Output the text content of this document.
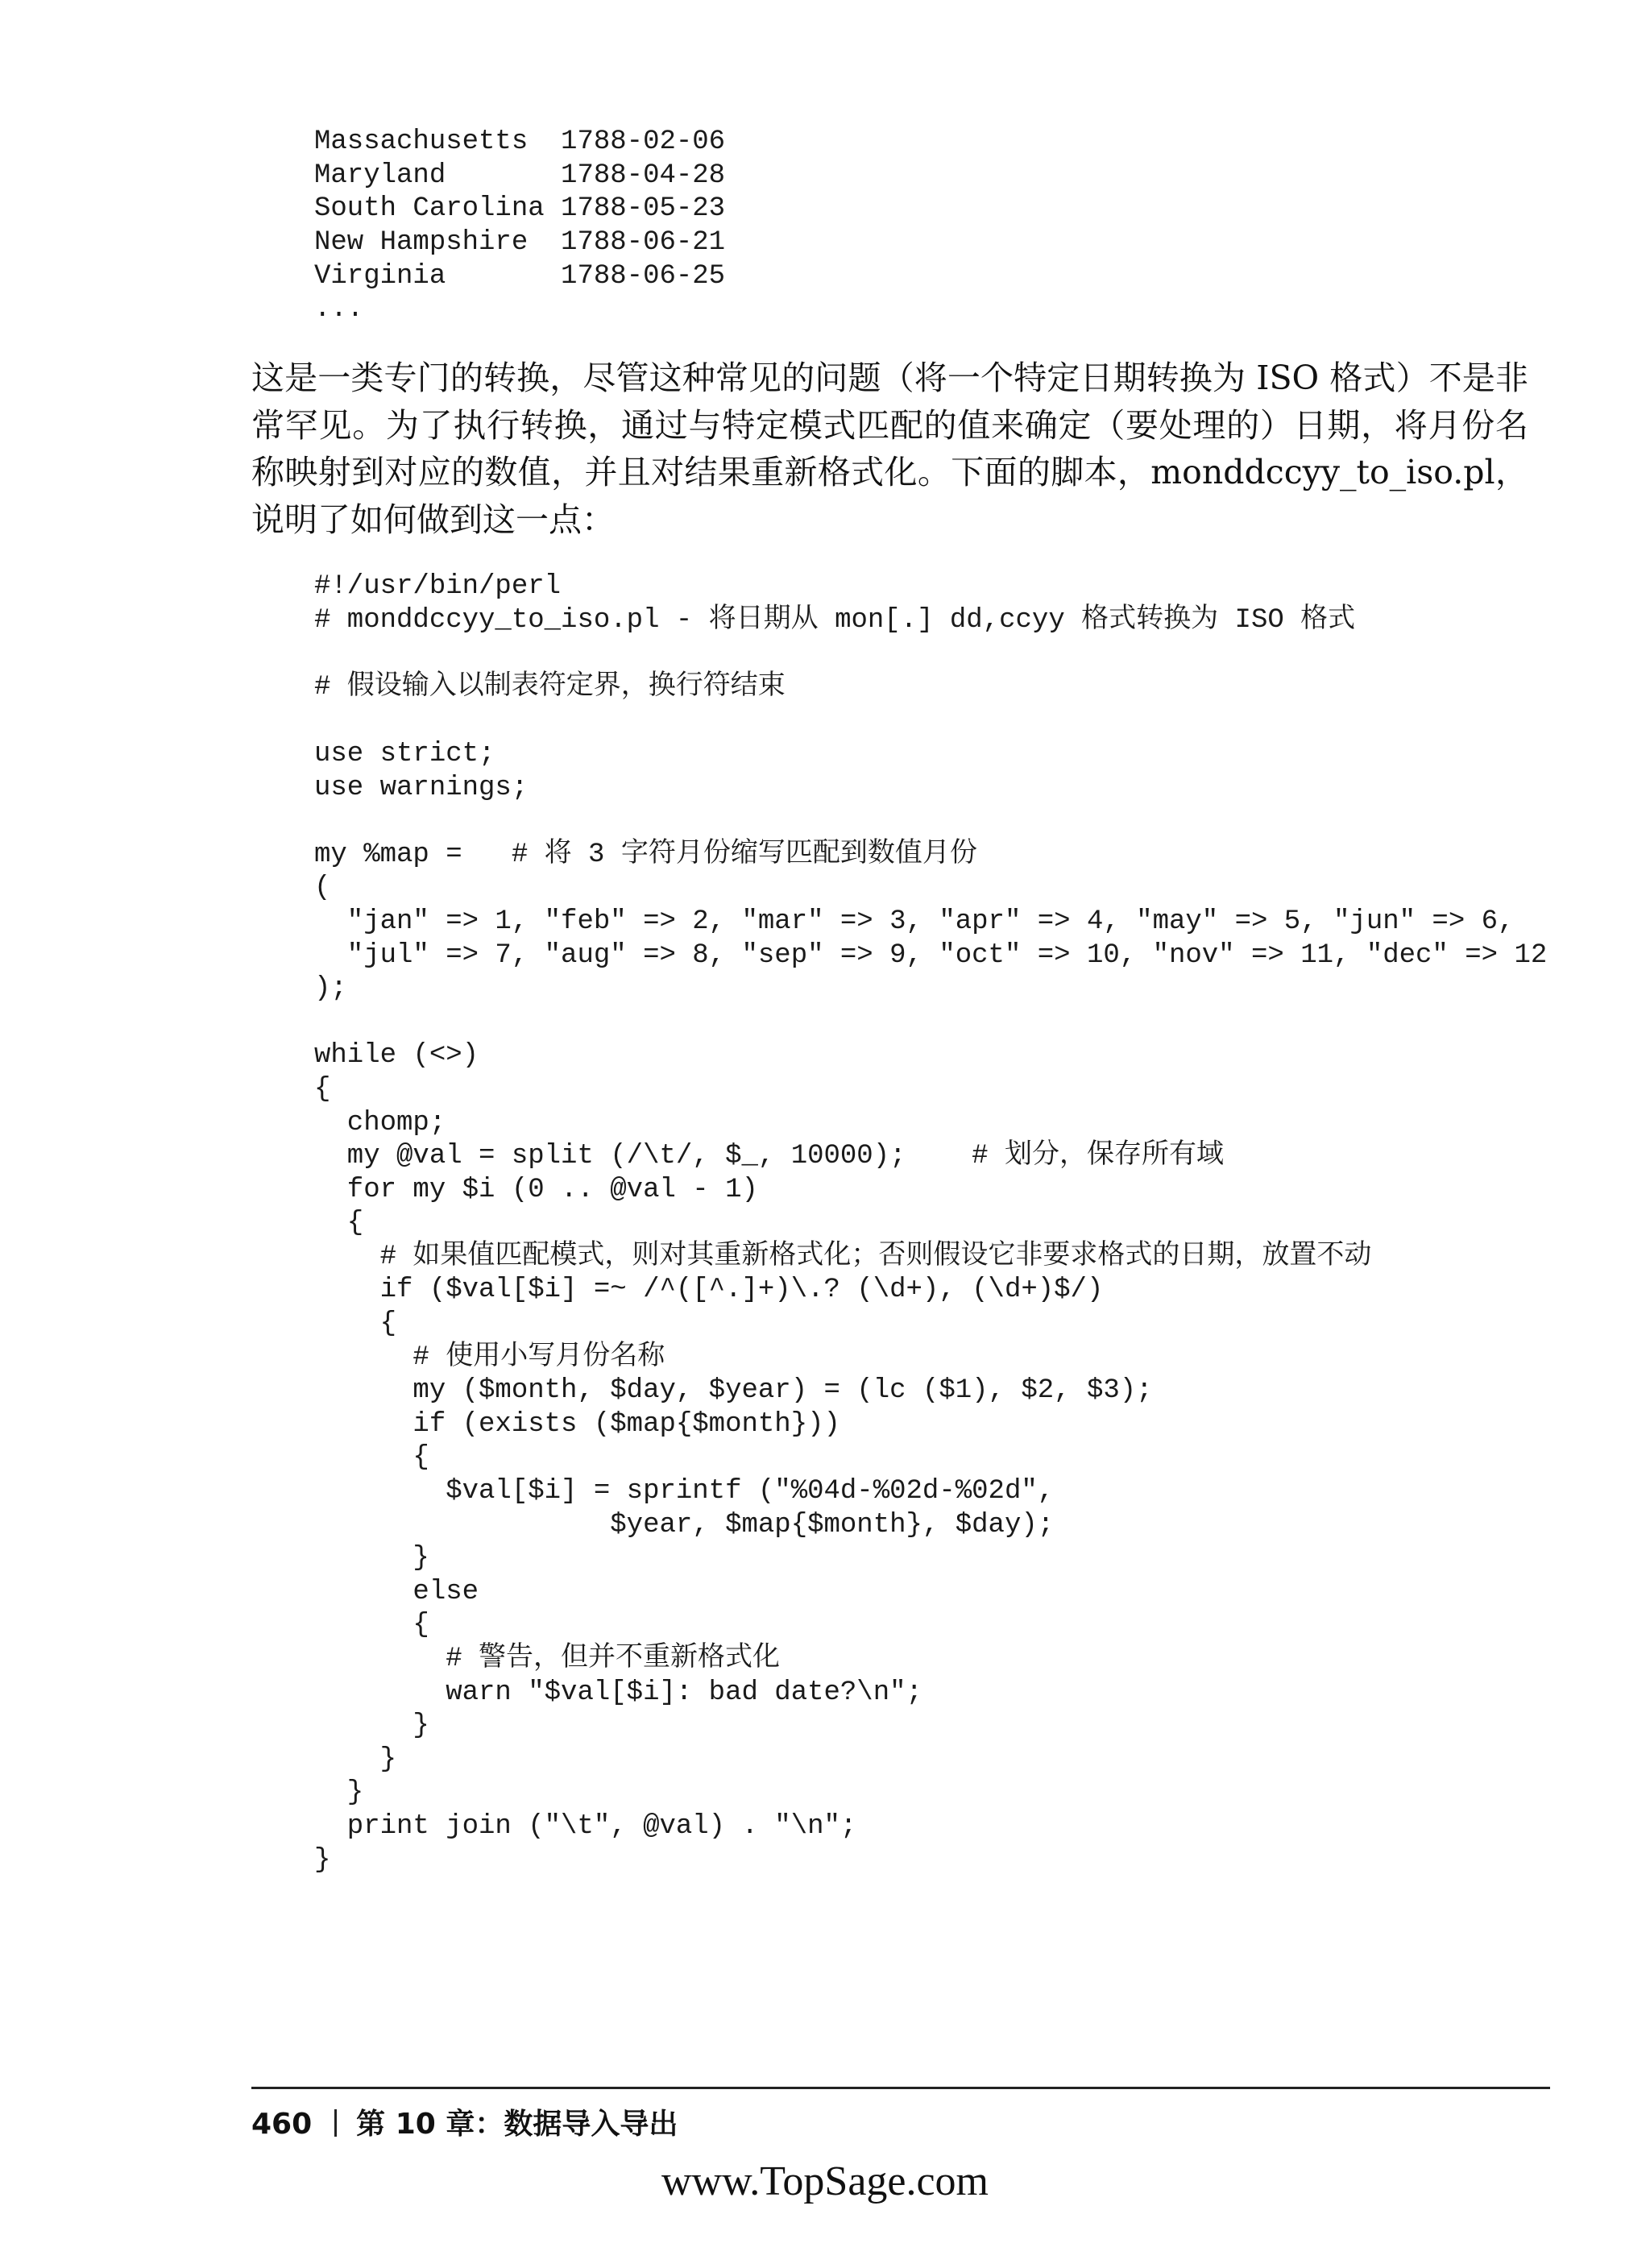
Massachusetts  1788-02-06
Maryland       1788-04-28
South Carolina 1788-05-23
New Hampshire  1788-06-21
Virginia       1788-06-25
...

这是一类专门的转换，尽管这种常见的问题（将一个特定日期转换为 ISO 格式）不是非常罕见。为了执行转换，通过与特定模式匹配的值来确定（要处理的）日期，将月份名称映射到对应的数值，并且对结果重新格式化。下面的脚本，monddccyy_to_iso.pl，说明了如何做到这一点：

#!/usr/bin/perl
# monddccyy_to_iso.pl - 将日期从 mon[.] dd,ccyy 格式转换为 ISO 格式
# 假设输入以制表符定界，换行符结束
use strict;
use warnings;
my %map =   # 将 3 字符月份缩写匹配到数值月份
(
"jan" => 1, "feb" => 2, "mar" => 3, "apr" => 4, "may" => 5, "jun" => 6,
"jul" => 7, "aug" => 8, "sep" => 9, "oct" => 10, "nov" => 11, "dec" => 12
);
while (<>)
{
chomp;
my @val = split (/\t/, $_, 10000);    # 划分，保存所有域
for my $i (0 .. @val - 1)
{
# 如果值匹配模式，则对其重新格式化；否则假设它非要求格式的日期，放置不动
if ($val[$i] =~ /^([^.]+)\.? (\d+), (\d+)$/)
{
# 使用小写月份名称
my ($month, $day, $year) = (lc ($1), $2, $3);
if (exists ($map{$month}))
{
$val[$i] = sprintf ("%04d-%02d-%02d",
$year, $map{$month}, $day);
}
else
{
# 警告，但并不重新格式化
warn "$val[$i]: bad date?\n";
}
}
}
print join ("\t", @val) . "\n";
}
460 第 10 章：数据导入导出
www.TopSage.com
